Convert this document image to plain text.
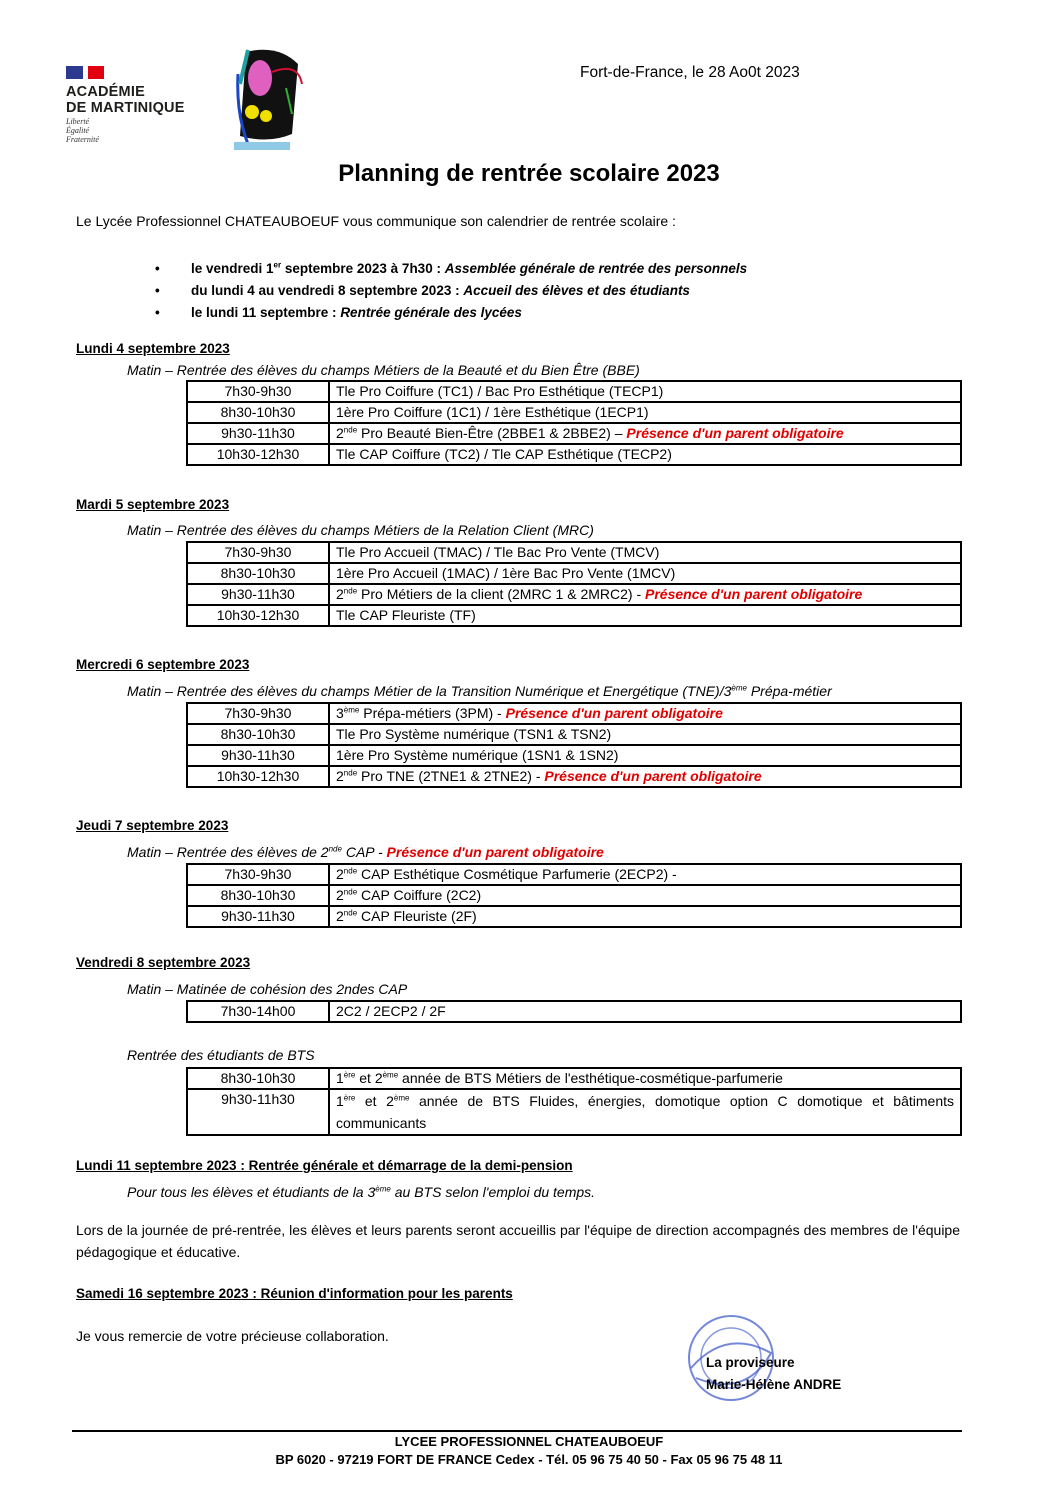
ACADÉMIE
DE MARTINIQUE
Liberté
Égalité
Fraternité
Fort-de-France, le 28 Ao0t 2023
Planning de rentrée scolaire 2023
Le Lycée Professionnel CHATEAUBOEUF vous communique son calendrier de rentrée scolaire :
•	le vendredi 1er septembre 2023 à 7h30 : Assemblée générale de rentrée des personnels
•	du lundi 4 au vendredi 8 septembre 2023 : Accueil des élèves et des étudiants
•	le lundi 11 septembre : Rentrée générale des lycées
Lundi 4 septembre 2023
Matin – Rentrée des élèves du champs Métiers de la Beauté et du Bien Être (BBE)
7h30-9h30	Tle Pro Coiffure (TC1) / Bac Pro Esthétique (TECP1)
8h30-10h30	1ère Pro Coiffure (1C1) / 1ère Esthétique (1ECP1)
9h30-11h30	2nde Pro Beauté Bien-Être (2BBE1 & 2BBE2) – Présence d'un parent obligatoire
10h30-12h30	Tle CAP Coiffure (TC2) / Tle CAP Esthétique (TECP2)
Mardi 5 septembre 2023
Matin – Rentrée des élèves du champs Métiers de la Relation Client (MRC)
7h30-9h30	Tle Pro Accueil (TMAC) / Tle Bac Pro Vente (TMCV)
8h30-10h30	1ère Pro Accueil (1MAC) / 1ère Bac Pro Vente (1MCV)
9h30-11h30	2nde Pro Métiers de la client (2MRC 1 & 2MRC2) - Présence d'un parent obligatoire
10h30-12h30	Tle CAP Fleuriste (TF)
Mercredi 6 septembre 2023
Matin – Rentrée des élèves du champs Métier de la Transition Numérique et Energétique (TNE)/3ème Prépa-métier
7h30-9h30	3ème Prépa-métiers (3PM) - Présence d'un parent obligatoire
8h30-10h30	Tle Pro Système numérique (TSN1 & TSN2)
9h30-11h30	1ère Pro Système numérique (1SN1 & 1SN2)
10h30-12h30	2nde Pro TNE (2TNE1 & 2TNE2) - Présence d'un parent obligatoire
Jeudi 7 septembre 2023
Matin – Rentrée des élèves de 2nde CAP - Présence d'un parent obligatoire
7h30-9h30	2nde CAP Esthétique Cosmétique Parfumerie (2ECP2) -
8h30-10h30	2nde CAP Coiffure (2C2)
9h30-11h30	2nde CAP Fleuriste (2F)
Vendredi 8 septembre 2023
Matin – Matinée de cohésion des 2ndes CAP
7h30-14h00	2C2 / 2ECP2 / 2F
Rentrée des étudiants de BTS
8h30-10h30	1ère et 2ème année de BTS Métiers de l'esthétique-cosmétique-parfumerie
9h30-11h30	1ère et 2ème année de BTS Fluides, énergies, domotique option C domotique et bâtiments communicants
Lundi 11 septembre 2023 : Rentrée générale et démarrage de la demi-pension
Pour tous les élèves et étudiants de la 3ème au BTS selon l'emploi du temps.
Lors de la journée de pré-rentrée, les élèves et leurs parents seront accueillis par l'équipe de direction accompagnés des membres de l'équipe pédagogique et éducative.
Samedi 16 septembre 2023 : Réunion d'information pour les parents
Je vous remercie de votre précieuse collaboration.
La proviseure
Marie-Hélène ANDRE
LYCEE PROFESSIONNEL CHATEAUBOEUF
BP 6020 - 97219 FORT DE FRANCE Cedex - Tél. 05 96 75 40 50 - Fax 05 96 75 48 11
